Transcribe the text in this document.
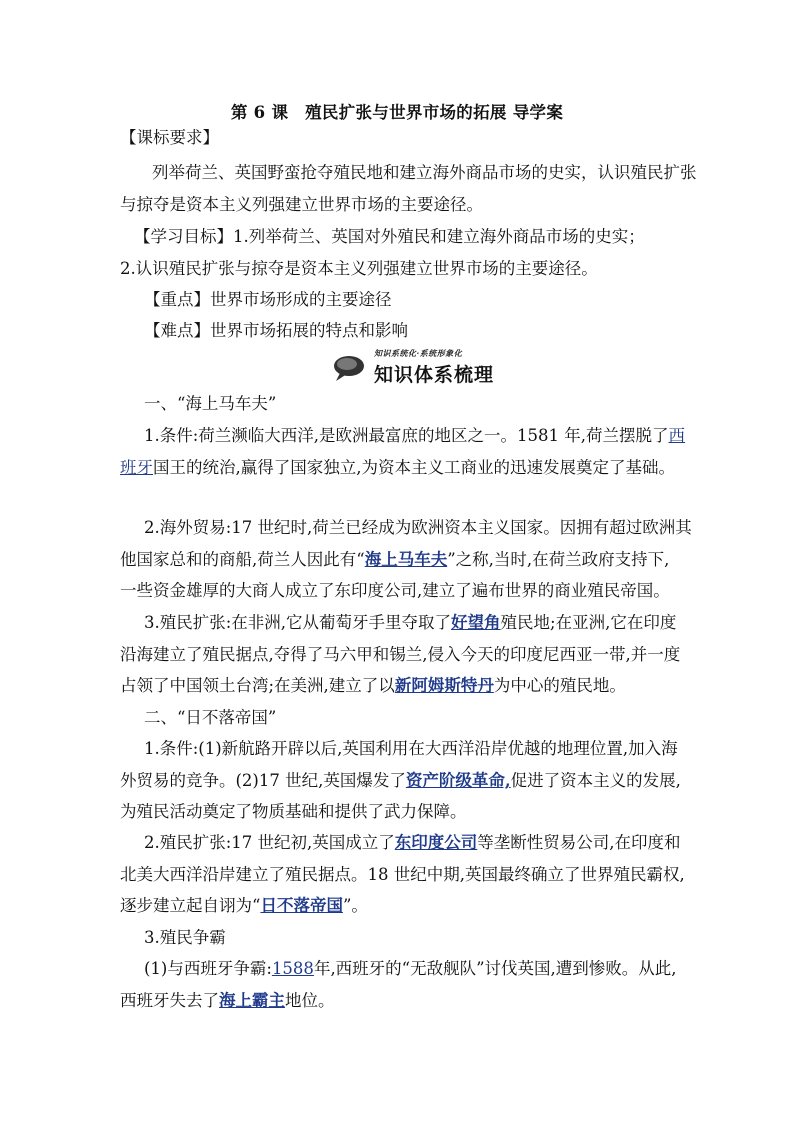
第 6 课　殖民扩张与世界市场的拓展 导学案
【课标要求】
列举荷兰、英国野蛮抢夺殖民地和建立海外商品市场的史实，认识殖民扩张
与掠夺是资本主义列强建立世界市场的主要途径。
【学习目标】1.列举荷兰、英国对外殖民和建立海外商品市场的史实；
2.认识殖民扩张与掠夺是资本主义列强建立世界市场的主要途径。
【重点】世界市场形成的主要途径
【难点】世界市场拓展的特点和影响
知识系统化·系统形象化
知识体系梳理
一、“海上马车夫”
1.条件:荷兰濒临大西洋,是欧洲最富庶的地区之一。1581 年,荷兰摆脱了西
班牙国王的统治,赢得了国家独立,为资本主义工商业的迅速发展奠定了基础。
2.海外贸易:17 世纪时,荷兰已经成为欧洲资本主义国家。因拥有超过欧洲其
他国家总和的商船,荷兰人因此有“海上马车夫”之称,当时,在荷兰政府支持下,
一些资金雄厚的大商人成立了东印度公司,建立了遍布世界的商业殖民帝国。
3.殖民扩张:在非洲,它从葡萄牙手里夺取了好望角殖民地;在亚洲,它在印度
沿海建立了殖民据点,夺得了马六甲和锡兰,侵入今天的印度尼西亚一带,并一度
占领了中国领土台湾;在美洲,建立了以新阿姆斯特丹为中心的殖民地。
二、“日不落帝国”
1.条件:(1)新航路开辟以后,英国利用在大西洋沿岸优越的地理位置,加入海
外贸易的竞争。(2)17 世纪,英国爆发了资产阶级革命,促进了资本主义的发展,
为殖民活动奠定了物质基础和提供了武力保障。
2.殖民扩张:17 世纪初,英国成立了东印度公司等垄断性贸易公司,在印度和
北美大西洋沿岸建立了殖民据点。18 世纪中期,英国最终确立了世界殖民霸权,
逐步建立起自诩为“日不落帝国”。
3.殖民争霸
(1)与西班牙争霸:1588年,西班牙的“无敌舰队”讨伐英国,遭到惨败。从此,
西班牙失去了海上霸主地位。
